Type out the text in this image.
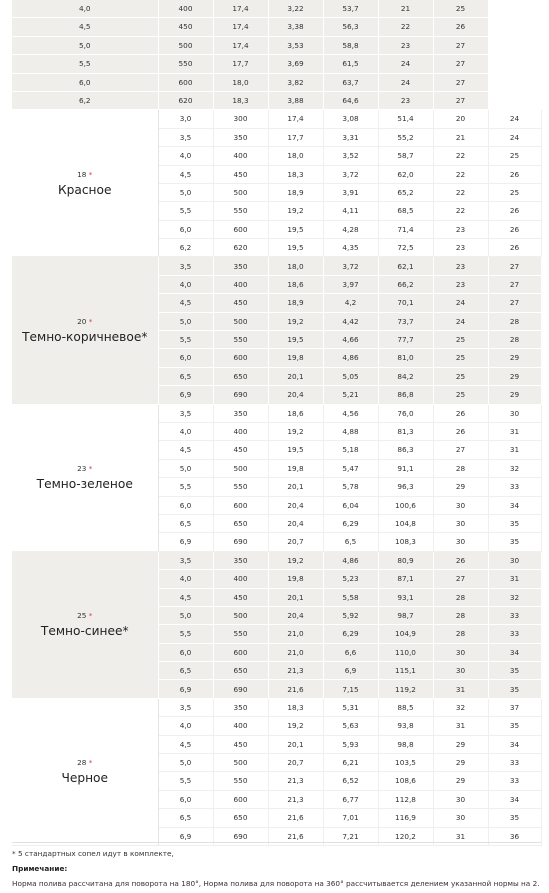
4,0	400	17,4	3,22	53,7	21	25	
4,5	450	17,4	3,38	56,3	22	26	
5,0	500	17,4	3,53	58,8	23	27	
5,5	550	17,7	3,69	61,5	24	27	
6,0	600	18,0	3,82	63,7	24	27	
6,2	620	18,3	3,88	64,6	23	27	

18 *
Красное	3,0	300	17,4	3,08	51,4	20	24
	3,5	350	17,7	3,31	55,2	21	24
	4,0	400	18,0	3,52	58,7	22	25
	4,5	450	18,3	3,72	62,0	22	26
	5,0	500	18,9	3,91	65,2	22	25
	5,5	550	19,2	4,11	68,5	22	26
	6,0	600	19,5	4,28	71,4	23	26
	6,2	620	19,5	4,35	72,5	23	26

20 *
Темно-коричневое*	3,5	350	18,0	3,72	62,1	23	27
	4,0	400	18,6	3,97	66,2	23	27
	4,5	450	18,9	4,2	70,1	24	27
	5,0	500	19,2	4,42	73,7	24	28
	5,5	550	19,5	4,66	77,7	25	28
	6,0	600	19,8	4,86	81,0	25	29
	6,5	650	20,1	5,05	84,2	25	29
	6,9	690	20,4	5,21	86,8	25	29

23 *
Темно-зеленое	3,5	350	18,6	4,56	76,0	26	30
	4,0	400	19,2	4,88	81,3	26	31
	4,5	450	19,5	5,18	86,3	27	31
	5,0	500	19,8	5,47	91,1	28	32
	5,5	550	20,1	5,78	96,3	29	33
	6,0	600	20,4	6,04	100,6	30	34
	6,5	650	20,4	6,29	104,8	30	35
	6,9	690	20,7	6,5	108,3	30	35

25 *
Темно-синее*	3,5	350	19,2	4,86	80,9	26	30
	4,0	400	19,8	5,23	87,1	27	31
	4,5	450	20,1	5,58	93,1	28	32
	5,0	500	20,4	5,92	98,7	28	33
	5,5	550	21,0	6,29	104,9	28	33
	6,0	600	21,0	6,6	110,0	30	34
	6,5	650	21,3	6,9	115,1	30	35
	6,9	690	21,6	7,15	119,2	31	35

28 *
Черное	3,5	350	18,3	5,31	88,5	32	37
	4,0	400	19,2	5,63	93,8	31	35
	4,5	450	20,1	5,93	98,8	29	34
	5,0	500	20,7	6,21	103,5	29	33
	5,5	550	21,3	6,52	108,6	29	33
	6,0	600	21,3	6,77	112,8	30	34
	6,5	650	21,6	7,01	116,9	30	35
	6,9	690	21,6	7,21	120,2	31	36
* 5 стандартных сопел идут в комплекте,
Примечание:
Норма полива рассчитана для поворота на 180°, Норма полива для поворота на 360° рассчитывается делением указанной нормы на 2.
